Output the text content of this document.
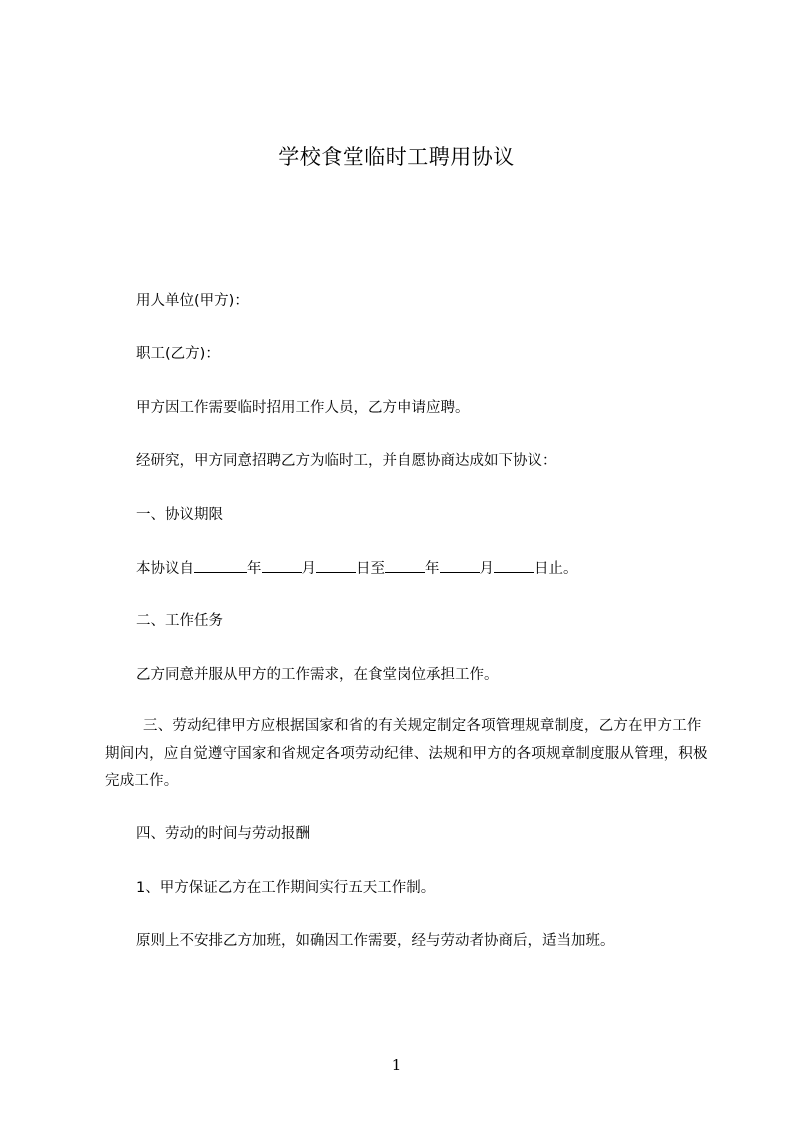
学校食堂临时工聘用协议
用人单位(甲方)：
职工(乙方)：
甲方因工作需要临时招用工作人员，乙方申请应聘。
经研究，甲方同意招聘乙方为临时工，并自愿协商达成如下协议：
一、协议期限
本协议自	年	月	日至	年	月	日止。
二、工作任务
乙方同意并服从甲方的工作需求，在食堂岗位承担工作。
三、劳动纪律甲方应根据国家和省的有关规定制定各项管理规章制度，乙方在甲方工作期间内，应自觉遵守国家和省规定各项劳动纪律、法规和甲方的各项规章制度服从管理，积极完成工作。
四、劳动的时间与劳动报酬
1、甲方保证乙方在工作期间实行五天工作制。
原则上不安排乙方加班，如确因工作需要，经与劳动者协商后，适当加班。
1
